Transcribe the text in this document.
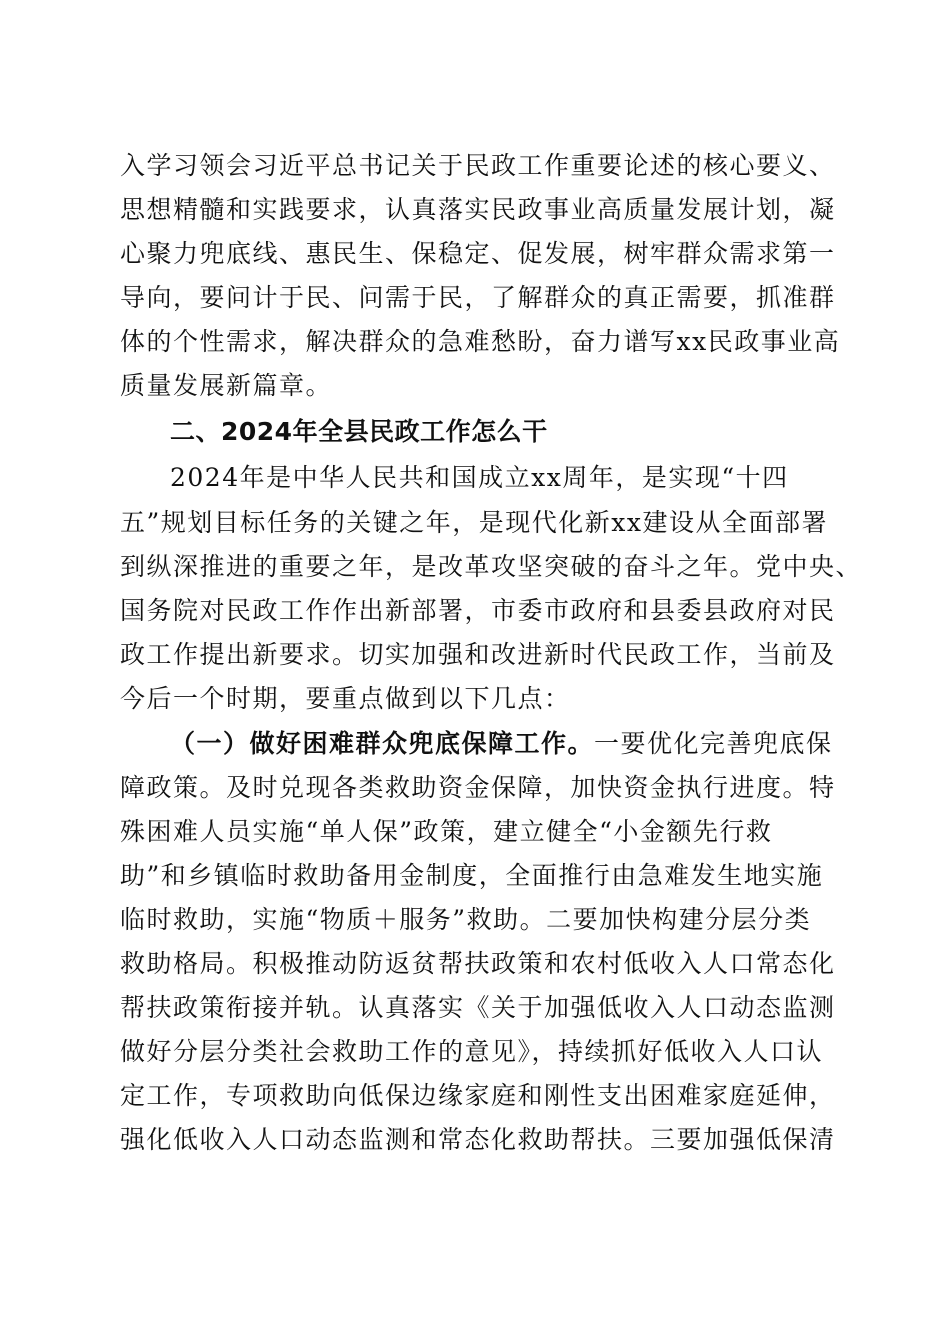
入学习领会习近平总书记关于民政工作重要论述的核心要义、
思想精髓和实践要求，认真落实民政事业高质量发展计划，凝
心聚力兜底线、惠民生、保稳定、促发展，树牢群众需求第一
导向，要问计于民、问需于民，了解群众的真正需要，抓准群
体的个性需求，解决群众的急难愁盼，奋力谱写xx民政事业高
质量发展新篇章。
二、2024年全县民政工作怎么干
2024年是中华人民共和国成立xx周年，是实现“十四
五”规划目标任务的关键之年，是现代化新xx建设从全面部署
到纵深推进的重要之年，是改革攻坚突破的奋斗之年。党中央、
国务院对民政工作作出新部署，市委市政府和县委县政府对民
政工作提出新要求。切实加强和改进新时代民政工作，当前及
今后一个时期，要重点做到以下几点：
（一）做好困难群众兜底保障工作。一要优化完善兜底保
障政策。及时兑现各类救助资金保障，加快资金执行进度。特
殊困难人员实施“单人保”政策，建立健全“小金额先行救
助”和乡镇临时救助备用金制度，全面推行由急难发生地实施
临时救助，实施“物质＋服务”救助。二要加快构建分层分类
救助格局。积极推动防返贫帮扶政策和农村低收入人口常态化
帮扶政策衔接并轨。认真落实《关于加强低收入人口动态监测
做好分层分类社会救助工作的意见》，持续抓好低收入人口认
定工作，专项救助向低保边缘家庭和刚性支出困难家庭延伸，
强化低收入人口动态监测和常态化救助帮扶。三要加强低保清
